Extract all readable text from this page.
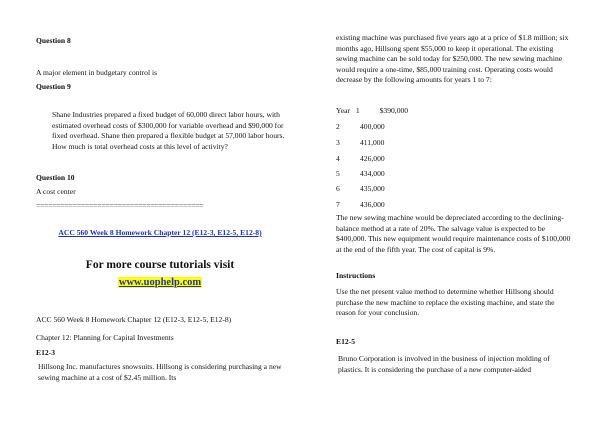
Question 8
A major element in budgetary control is
Question 9
Shane Industries prepared a fixed budget of 60,000 direct labor hours, with estimated overhead costs of $300,000 for variable overhead and $90,000 for fixed overhead. Shane then prepared a flexible budget at 57,000 labor hours. How much is total overhead costs at this level of activity?
Question 10
A cost center
=========================================
ACC 560 Week 8 Homework Chapter 12 (E12-3, E12-5, E12-8)
For more course tutorials visit
www.uophelp.com
ACC 560 Week 8 Homework Chapter 12 (E12-3, E12-5, E12-8)
Chapter 12: Planning for Capital Investments
E12-3
Hillsong Inc. manufactures snowsuits. Hillsong is considering purchasing a new sewing machine at a cost of $2.45 million. Its
existing machine was purchased five years ago at a price of $1.8 million; six months ago, Hillsong spent $55,000 to keep it operational. The existing sewing machine can be sold today for $250,000. The new sewing machine would require a one-time, $85,000 training cost. Operating costs would decrease by the following amounts for years 1 to 7:
Year 1	$390,000
2	400,000
3	411,000
4	426,000
5	434,000
6	435,000
7	436,000
The new sewing machine would be depreciated according to the declining-balance method at a rate of 20%. The salvage value is expected to be $400,000. This new equipment would require maintenance costs of $100,000 at the end of the fifth year. The cost of capital is 9%.
Instructions
Use the net present value method to determine whether Hillsong should purchase the new machine to replace the existing machine, and state the reason for your conclusion.
E12-5
Bruno Corporation is involved in the business of injection molding of plastics. It is considering the purchase of a new computer-aided
